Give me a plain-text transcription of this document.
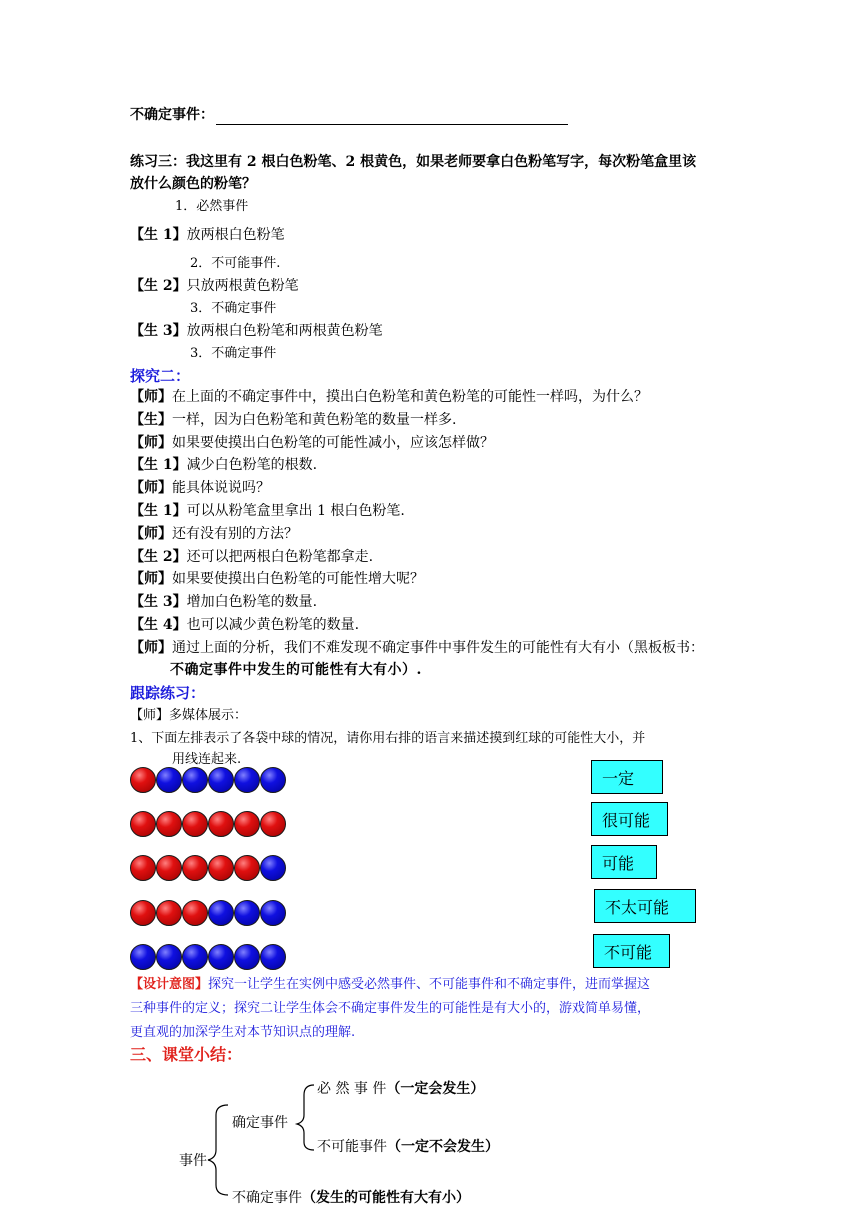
不确定事件：
练习三：我这里有 2 根白色粉笔、2 根黄色，如果老师要拿白色粉笔写字，每次粉笔盒里该
放什么颜色的粉笔？
1．必然事件
【生 1】放两根白色粉笔
2．不可能事件.
【生 2】只放两根黄色粉笔
3．不确定事件
【生 3】放两根白色粉笔和两根黄色粉笔
3．不确定事件
探究二：
【师】在上面的不确定事件中，摸出白色粉笔和黄色粉笔的可能性一样吗，为什么？
【生】一样，因为白色粉笔和黄色粉笔的数量一样多.
【师】如果要使摸出白色粉笔的可能性减小，应该怎样做？
【生 1】减少白色粉笔的根数.
【师】能具体说说吗？
【生 1】可以从粉笔盒里拿出 1 根白色粉笔.
【师】还有没有别的方法？
【生 2】还可以把两根白色粉笔都拿走.
【师】如果要使摸出白色粉笔的可能性增大呢？
【生 3】增加白色粉笔的数量.
【生 4】也可以减少黄色粉笔的数量.
【师】通过上面的分析，我们不难发现不确定事件中事件发生的可能性有大有小（黑板板书：
不确定事件中发生的可能性有大有小）.
跟踪练习：
【师】多媒体展示：
1、下面左排表示了各袋中球的情况，请你用右排的语言来描述摸到红球的可能性大小，并
用线连起来.
一定
很可能
可能
不太可能
不可能
【设计意图】探究一让学生在实例中感受必然事件、不可能事件和不确定事件，进而掌握这
三种事件的定义；探究二让学生体会不确定事件发生的可能性是有大小的，游戏简单易懂，
更直观的加深学生对本节知识点的理解.
三、课堂小结：
事件
确定事件
必 然 事 件（一定会发生）
不可能事件（一定不会发生）
不确定事件（发生的可能性有大有小）
